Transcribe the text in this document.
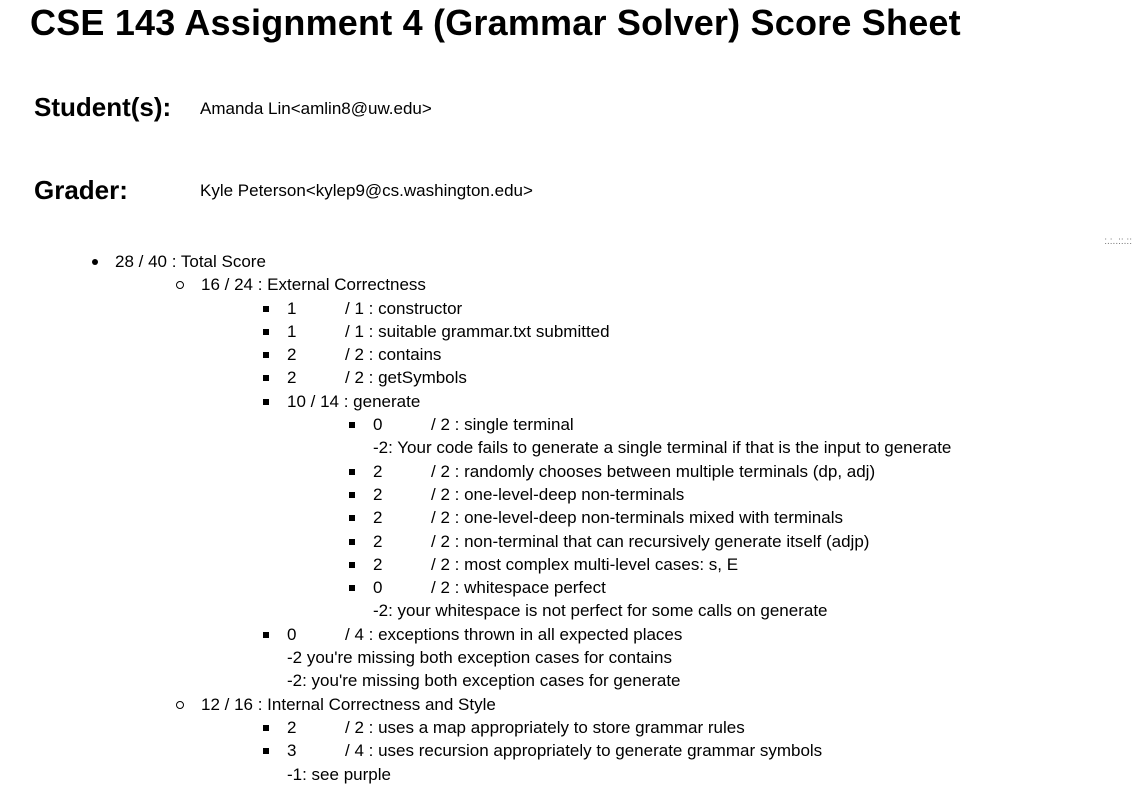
CSE 143 Assignment 4 (Grammar Solver) Score Sheet
Student(s): Amanda Lin<amlin8@uw.edu>
Grader:	Kyle Peterson<kylep9@cs.washington.edu>
:.:..::.::
28 / 40 : Total Score
16 / 24 : External Correctness
1	/ 1 : constructor
1	/ 1 : suitable grammar.txt submitted
2	/ 2 : contains
2	/ 2 : getSymbols
10 / 14 : generate
0	/ 2 : single terminal
-2: Your code fails to generate a single terminal if that is the input to generate
2	/ 2 : randomly chooses between multiple terminals (dp, adj)
2	/ 2 : one-level-deep non-terminals
2	/ 2 : one-level-deep non-terminals mixed with terminals
2	/ 2 : non-terminal that can recursively generate itself (adjp)
2	/ 2 : most complex multi-level cases: s, E
0	/ 2 : whitespace perfect
-2: your whitespace is not perfect for some calls on generate
0	/ 4 : exceptions thrown in all expected places
-2 you're missing both exception cases for contains
-2: you're missing both exception cases for generate
12 / 16 : Internal Correctness and Style
2	/ 2 : uses a map appropriately to store grammar rules
3	/ 4 : uses recursion appropriately to generate grammar symbols
-1: see purple
